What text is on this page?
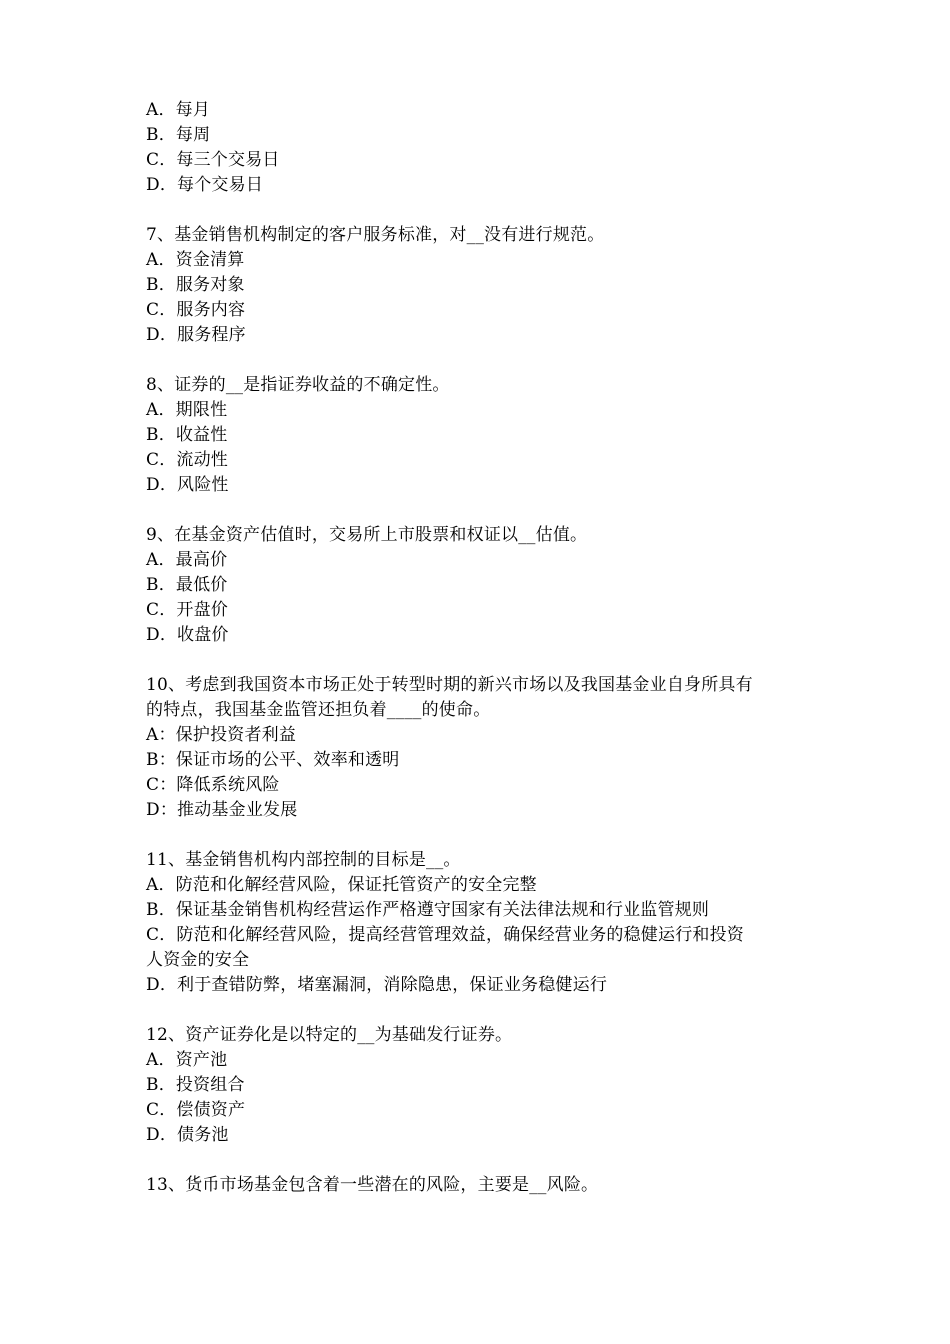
A．每月
B．每周
C．每三个交易日
D．每个交易日
7、基金销售机构制定的客户服务标准，对__没有进行规范。
A．资金清算
B．服务对象
C．服务内容
D．服务程序
8、证券的__是指证券收益的不确定性。
A．期限性
B．收益性
C．流动性
D．风险性
9、在基金资产估值时，交易所上市股票和权证以__估值。
A．最高价
B．最低价
C．开盘价
D．收盘价
10、考虑到我国资本市场正处于转型时期的新兴市场以及我国基金业自身所具有
的特点，我国基金监管还担负着____的使命。
A：保护投资者利益
B：保证市场的公平、效率和透明
C：降低系统风险
D：推动基金业发展
11、基金销售机构内部控制的目标是__。
A．防范和化解经营风险，保证托管资产的安全完整
B．保证基金销售机构经营运作严格遵守国家有关法律法规和行业监管规则
C．防范和化解经营风险，提高经营管理效益，确保经营业务的稳健运行和投资
人资金的安全
D．利于查错防弊，堵塞漏洞，消除隐患，保证业务稳健运行
12、资产证券化是以特定的__为基础发行证券。
A．资产池
B．投资组合
C．偿债资产
D．债务池
13、货币市场基金包含着一些潜在的风险，主要是__风险。
